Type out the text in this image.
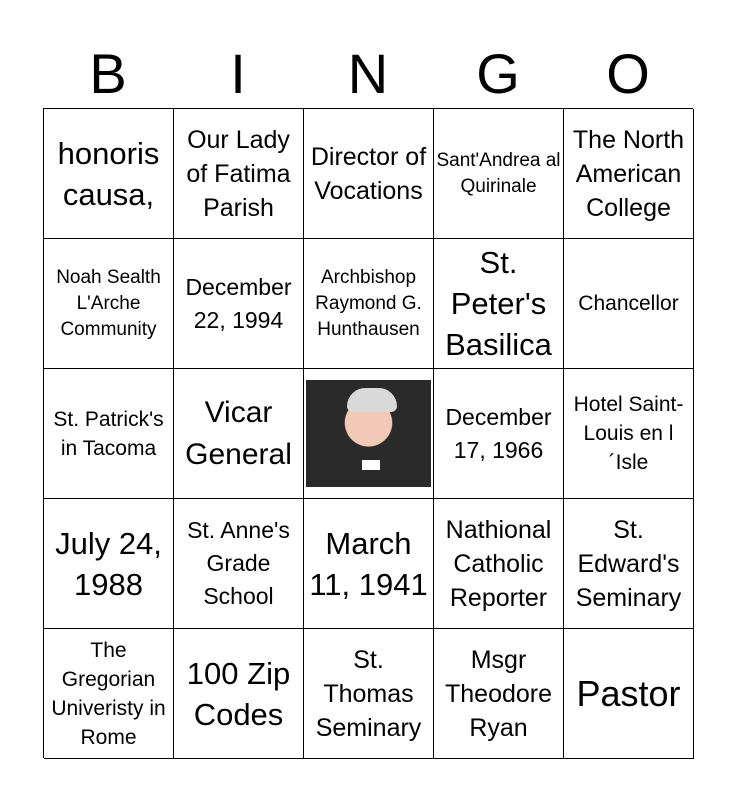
B	I	N	G	O
honoris causa,
Our Lady of Fatima Parish
Director of Vocations
Sant'Andrea al Quirinale
The North American College
Noah Sealth L'Arche Community
December 22, 1994
Archbishop Raymond G. Hunthausen
St. Peter's Basilica
Chancellor
St. Patrick's in Tacoma
Vicar General
December 17, 1966
Hotel Saint-Louis en l ´Isle
July 24, 1988
St. Anne's Grade School
March 11, 1941
Nathional Catholic Reporter
St. Edward's Seminary
The Gregorian Univeristy in Rome
100 Zip Codes
St. Thomas Seminary
Msgr Theodore Ryan
Pastor
